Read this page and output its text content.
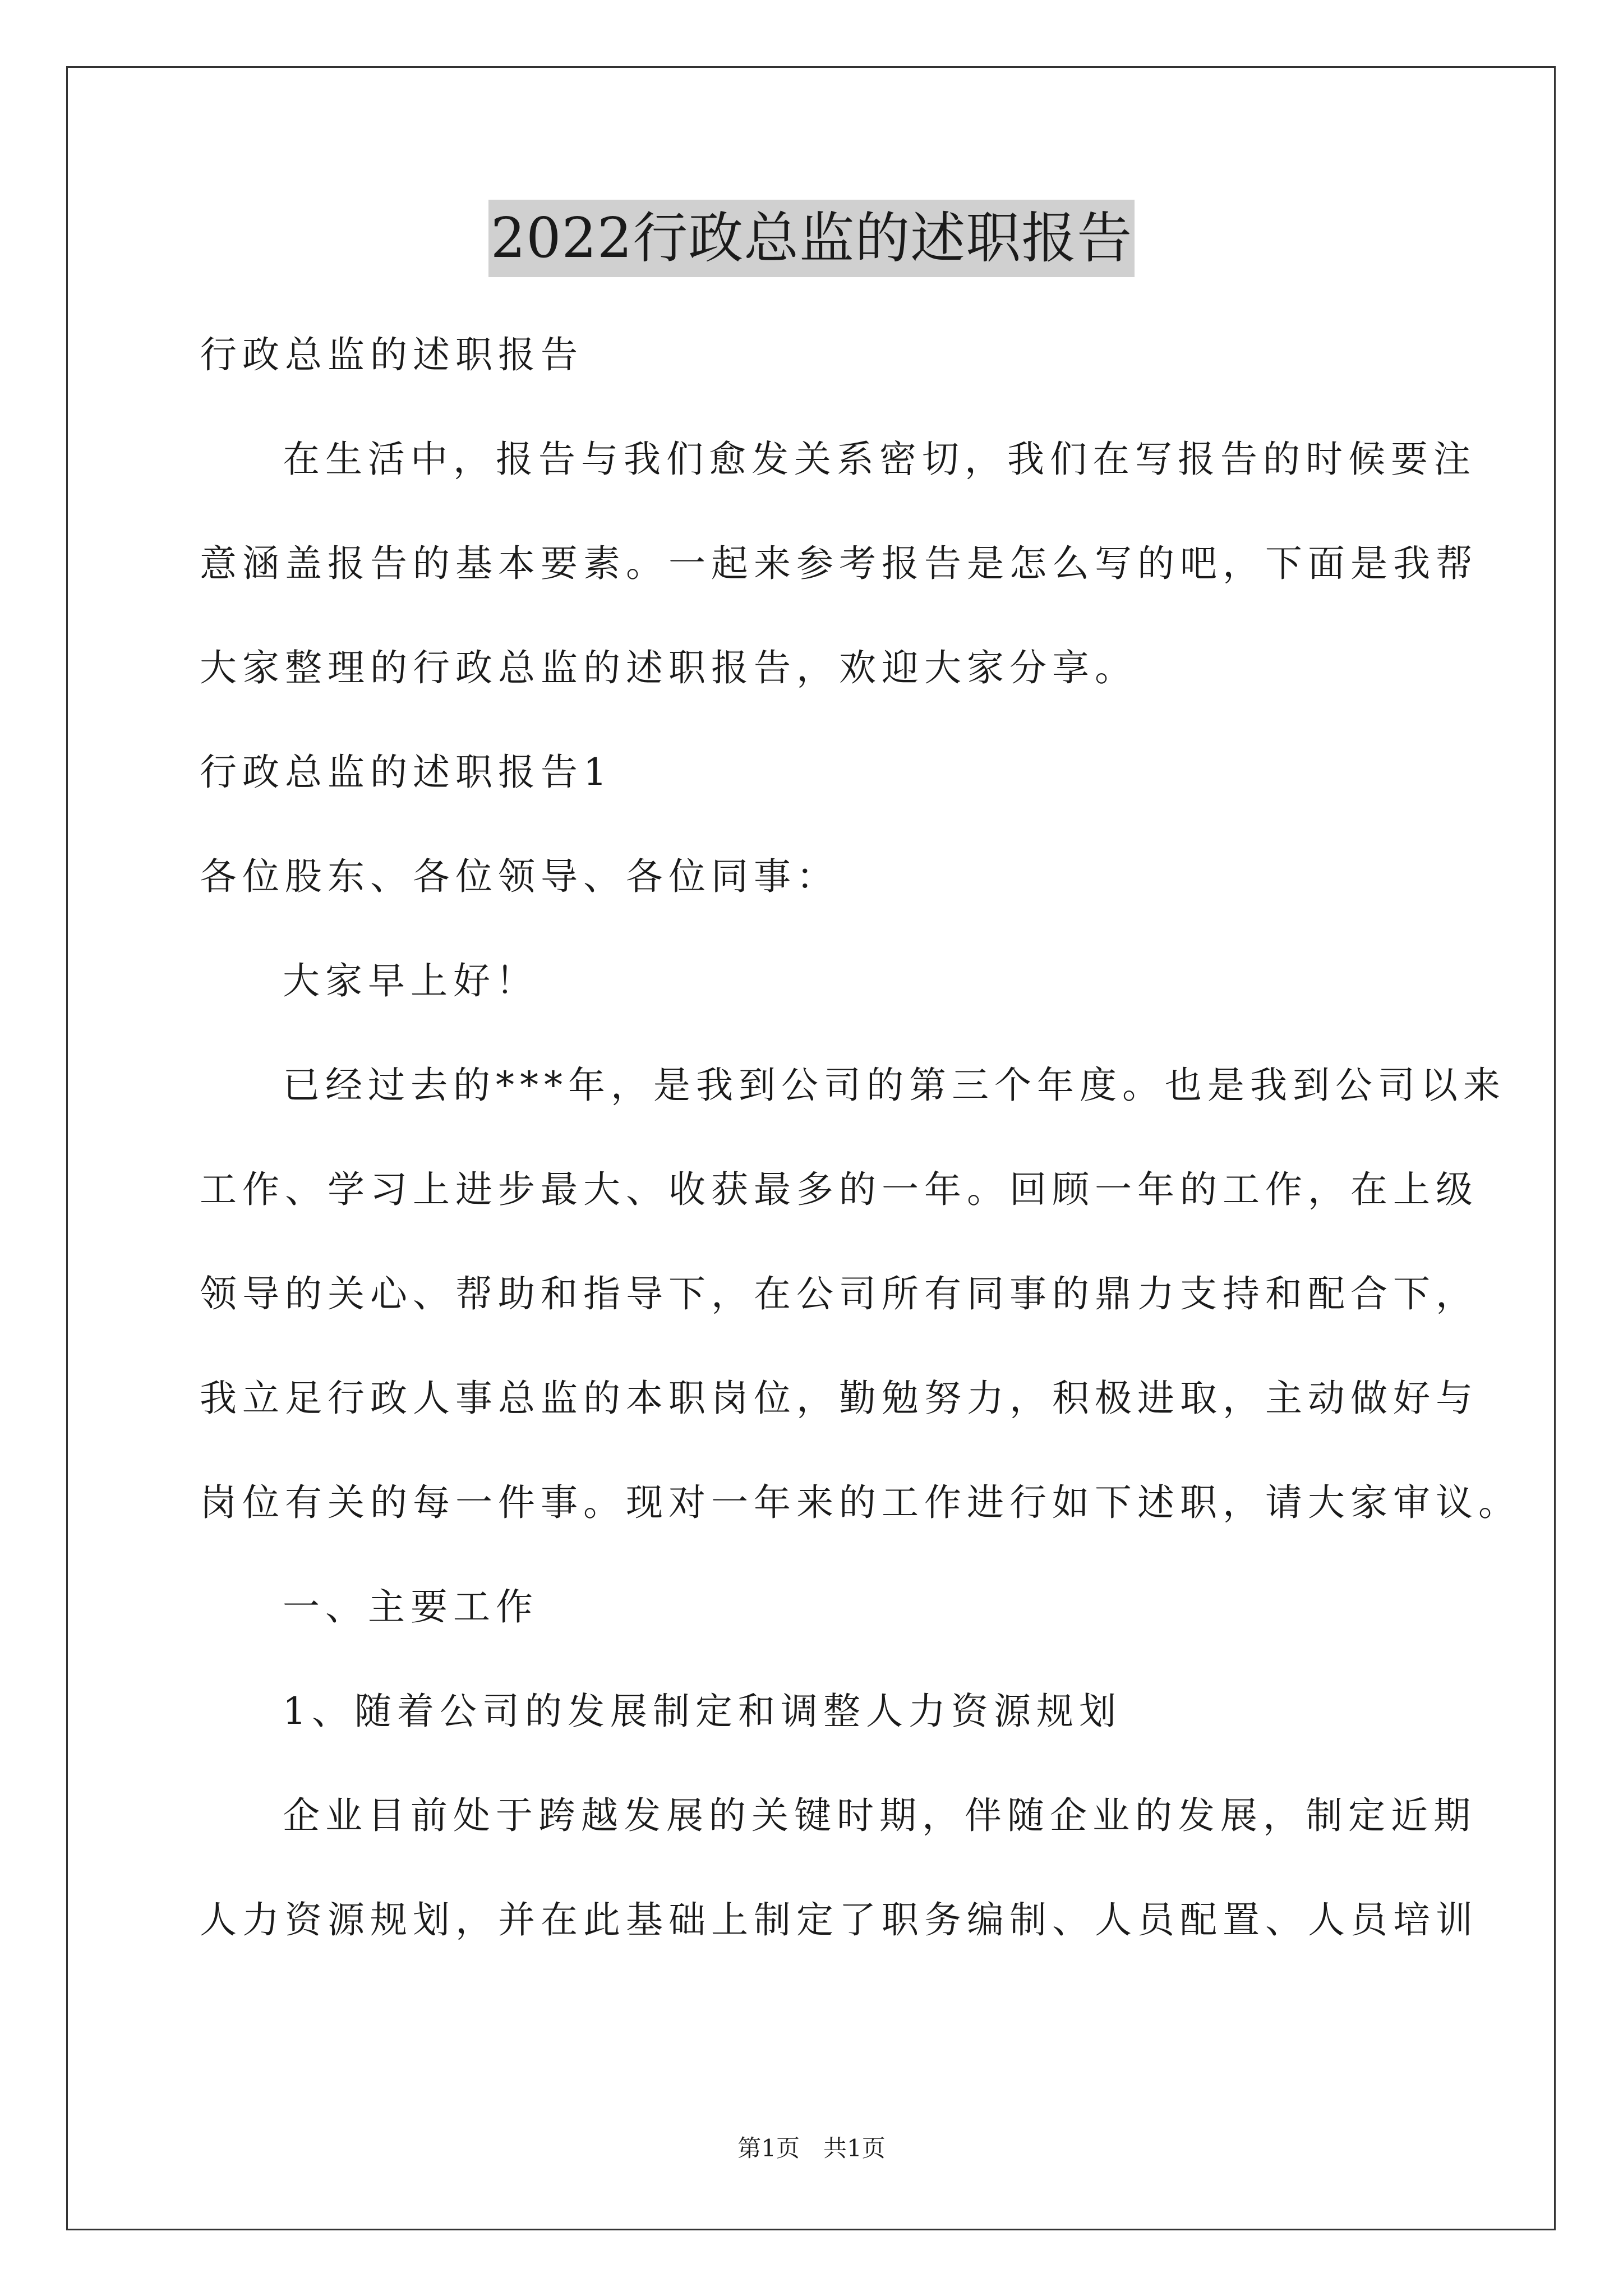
2022行政总监的述职报告
行政总监的述职报告
在生活中，报告与我们愈发关系密切，我们在写报告的时候要注
意涵盖报告的基本要素。一起来参考报告是怎么写的吧，下面是我帮
大家整理的行政总监的述职报告，欢迎大家分享。
行政总监的述职报告1
各位股东、各位领导、各位同事：
大家早上好！
已经过去的***年，是我到公司的第三个年度。也是我到公司以来
工作、学习上进步最大、收获最多的一年。回顾一年的工作，在上级
领导的关心、帮助和指导下，在公司所有同事的鼎力支持和配合下，
我立足行政人事总监的本职岗位，勤勉努力，积极进取，主动做好与
岗位有关的每一件事。现对一年来的工作进行如下述职，请大家审议。
一、主要工作
1、随着公司的发展制定和调整人力资源规划
企业目前处于跨越发展的关键时期，伴随企业的发展，制定近期
人力资源规划，并在此基础上制定了职务编制、人员配置、人员培训
第1页　共1页
